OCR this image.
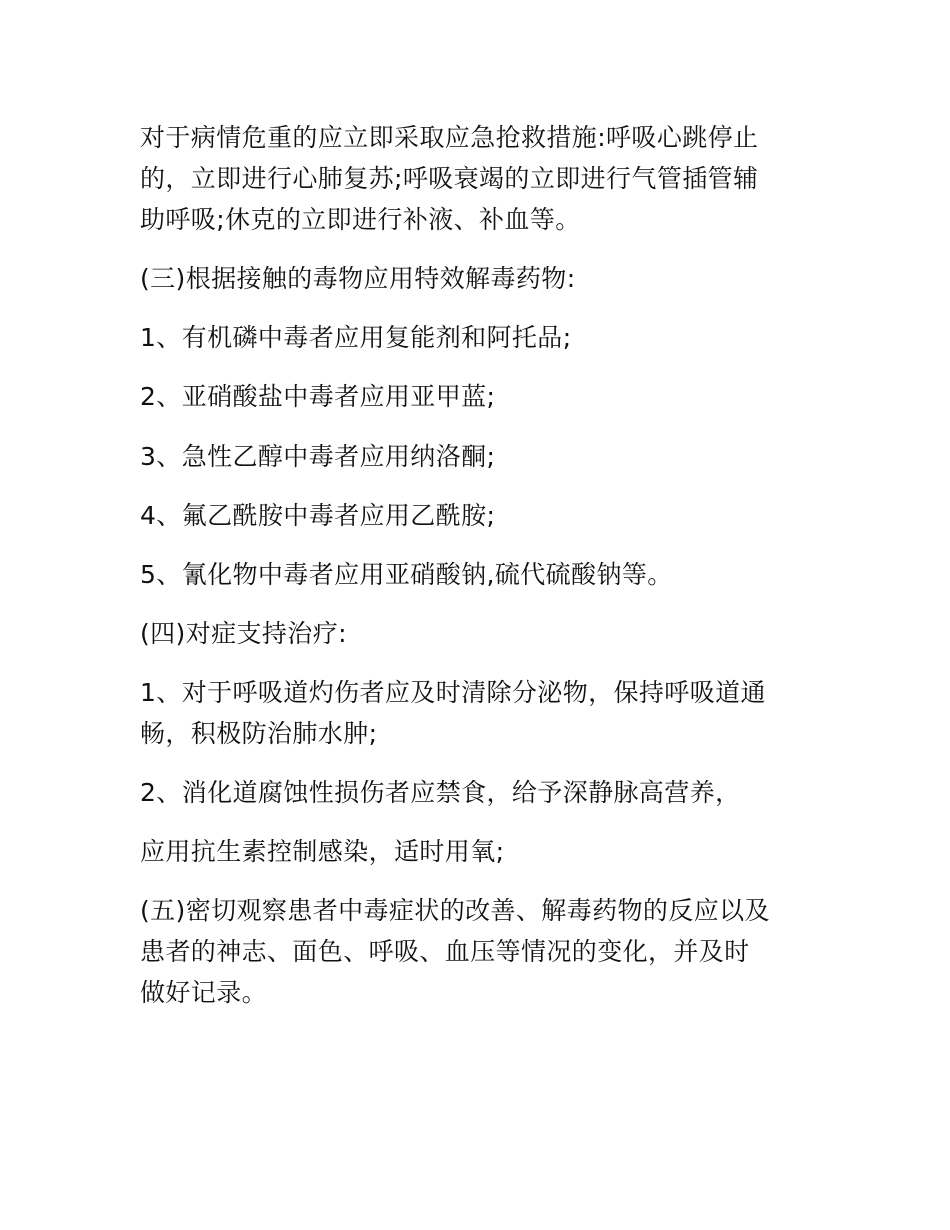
对于病情危重的应立即采取应急抢救措施:呼吸心跳停止
的，立即进行心肺复苏;呼吸衰竭的立即进行气管插管辅
助呼吸;休克的立即进行补液、补血等。
(三)根据接触的毒物应用特效解毒药物:
1、有机磷中毒者应用复能剂和阿托品;
2、亚硝酸盐中毒者应用亚甲蓝;
3、急性乙醇中毒者应用纳洛酮;
4、氟乙酰胺中毒者应用乙酰胺;
5、氰化物中毒者应用亚硝酸钠,硫代硫酸钠等。
(四)对症支持治疗:
1、对于呼吸道灼伤者应及时清除分泌物，保持呼吸道通
畅，积极防治肺水肿;
2、消化道腐蚀性损伤者应禁食，给予深静脉高营养，
应用抗生素控制感染，适时用氧;
(五)密切观察患者中毒症状的改善、解毒药物的反应以及
患者的神志、面色、呼吸、血压等情况的变化，并及时
做好记录。
